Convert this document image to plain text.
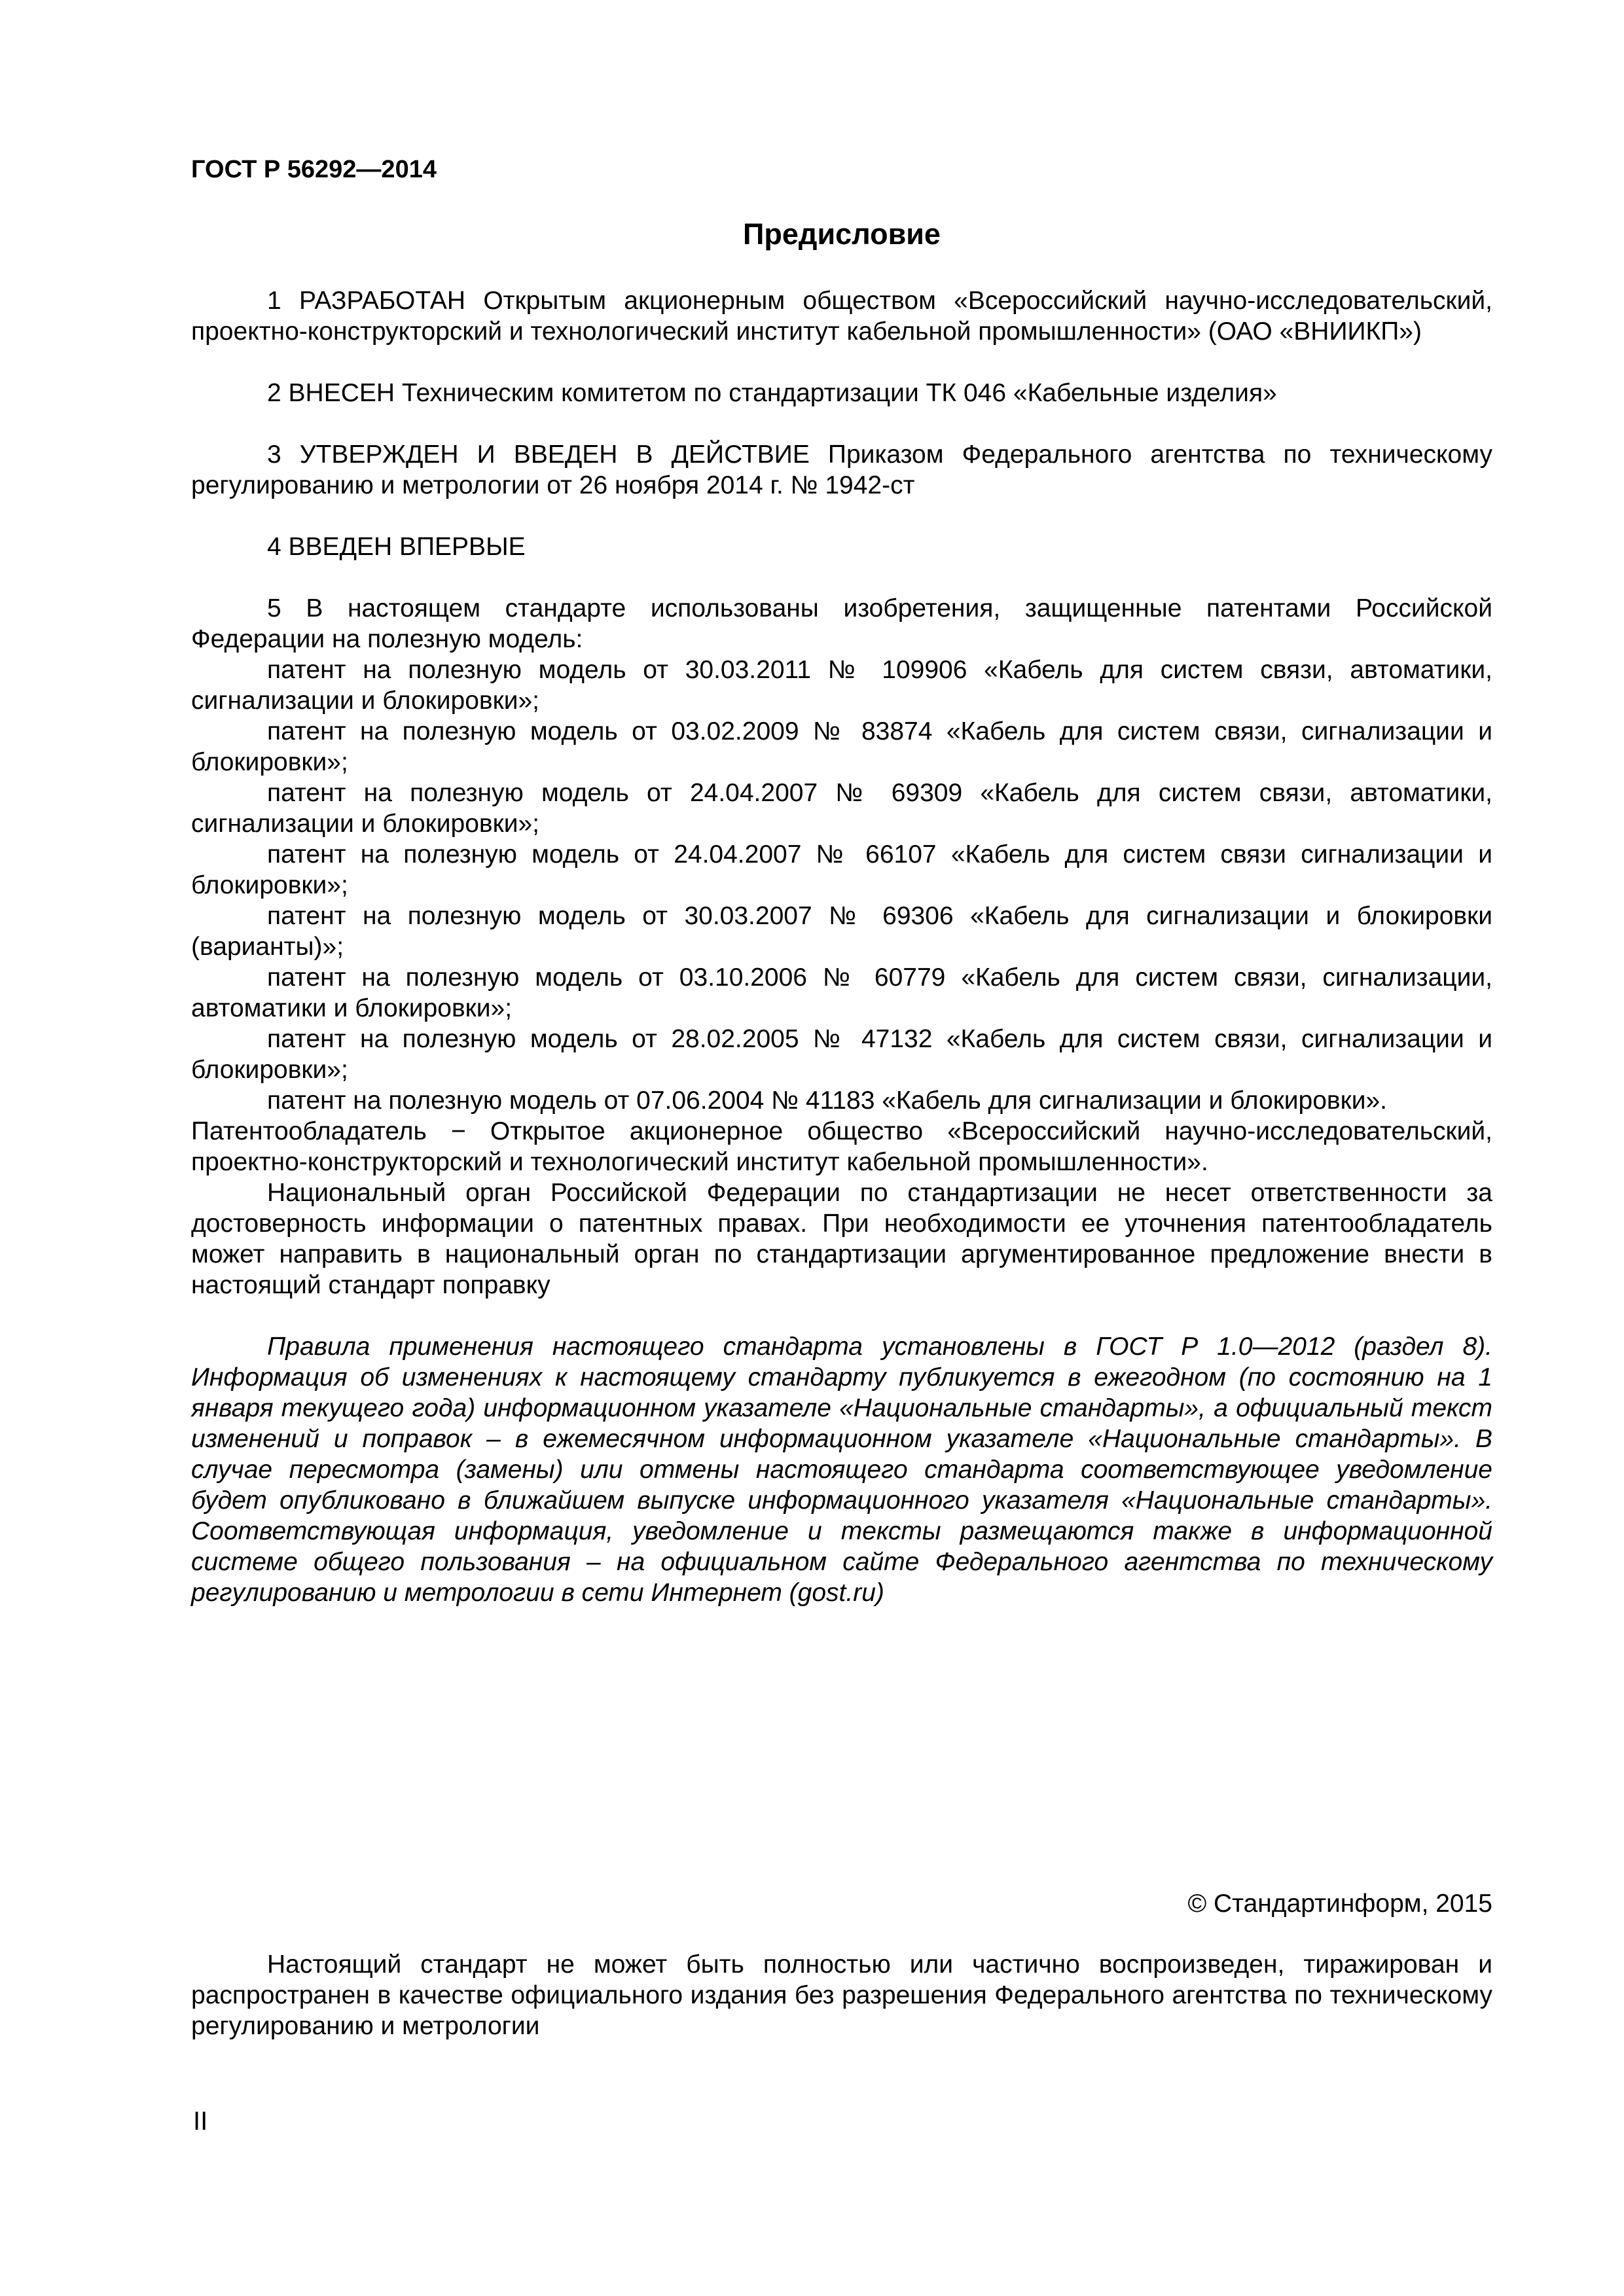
ГОСТ Р 56292—2014
Предисловие

1 РАЗРАБОТАН Открытым акционерным обществом «Всероссийский научно-исследовательский, проектно-конструкторский и технологический институт кабельной промышленности» (ОАО «ВНИИКП»)

2 ВНЕСЕН Техническим комитетом по стандартизации ТК 046 «Кабельные изделия»

3 УТВЕРЖДЕН И ВВЕДЕН В ДЕЙСТВИЕ Приказом Федерального агентства по техническому регулированию и метрологии от 26 ноября 2014 г. № 1942-ст

4 ВВЕДЕН ВПЕРВЫЕ

5 В настоящем стандарте использованы изобретения, защищенные патентами Российской Федерации на полезную модель:

патент на полезную модель от 30.03.2011 № 109906 «Кабель для систем связи, автоматики, сигнализации и блокировки»;

патент на полезную модель от 03.02.2009 № 83874 «Кабель для систем связи, сигнализации и блокировки»;

патент на полезную модель от 24.04.2007 № 69309 «Кабель для систем связи, автоматики, сигнализации и блокировки»;

патент на полезную модель от 24.04.2007 № 66107 «Кабель для систем связи сигнализации и блокировки»;

патент на полезную модель от 30.03.2007 № 69306 «Кабель для сигнализации и блокировки (варианты)»;

патент на полезную модель от 03.10.2006 № 60779 «Кабель для систем связи, сигнализации, автоматики и блокировки»;

патент на полезную модель от 28.02.2005 № 47132 «Кабель для систем связи, сигнализации и блокировки»;

патент на полезную модель от 07.06.2004 № 41183 «Кабель для сигнализации и блокировки».

Патентообладатель − Открытое акционерное общество «Всероссийский научно-исследовательский, проектно-конструкторский и технологический институт кабельной промышленности».

Национальный орган Российской Федерации по стандартизации не несет ответственности за достоверность информации о патентных правах. При необходимости ее уточнения патентообладатель может направить в национальный орган по стандартизации аргументированное предложение внести в настоящий стандарт поправку

Правила применения настоящего стандарта установлены в ГОСТ Р 1.0—2012 (раздел 8). Информация об изменениях к настоящему стандарту публикуется в ежегодном (по состоянию на 1 января текущего года) информационном указателе «Национальные стандарты», а официальный текст изменений и поправок – в ежемесячном информационном указателе «Национальные стандарты». В случае пересмотра (замены) или отмены настоящего стандарта соответствующее уведомление будет опубликовано в ближайшем выпуске информационного указателя «Национальные стандарты». Соответствующая информация, уведомление и тексты размещаются также в информационной системе общего пользования – на официальном сайте Федерального агентства по техническому регулированию и метрологии в сети Интернет (gost.ru)

© Стандартинформ, 2015

Настоящий стандарт не может быть полностью или частично воспроизведен, тиражирован и распространен в качестве официального издания без разрешения Федерального агентства по техническому регулированию и метрологии

II
